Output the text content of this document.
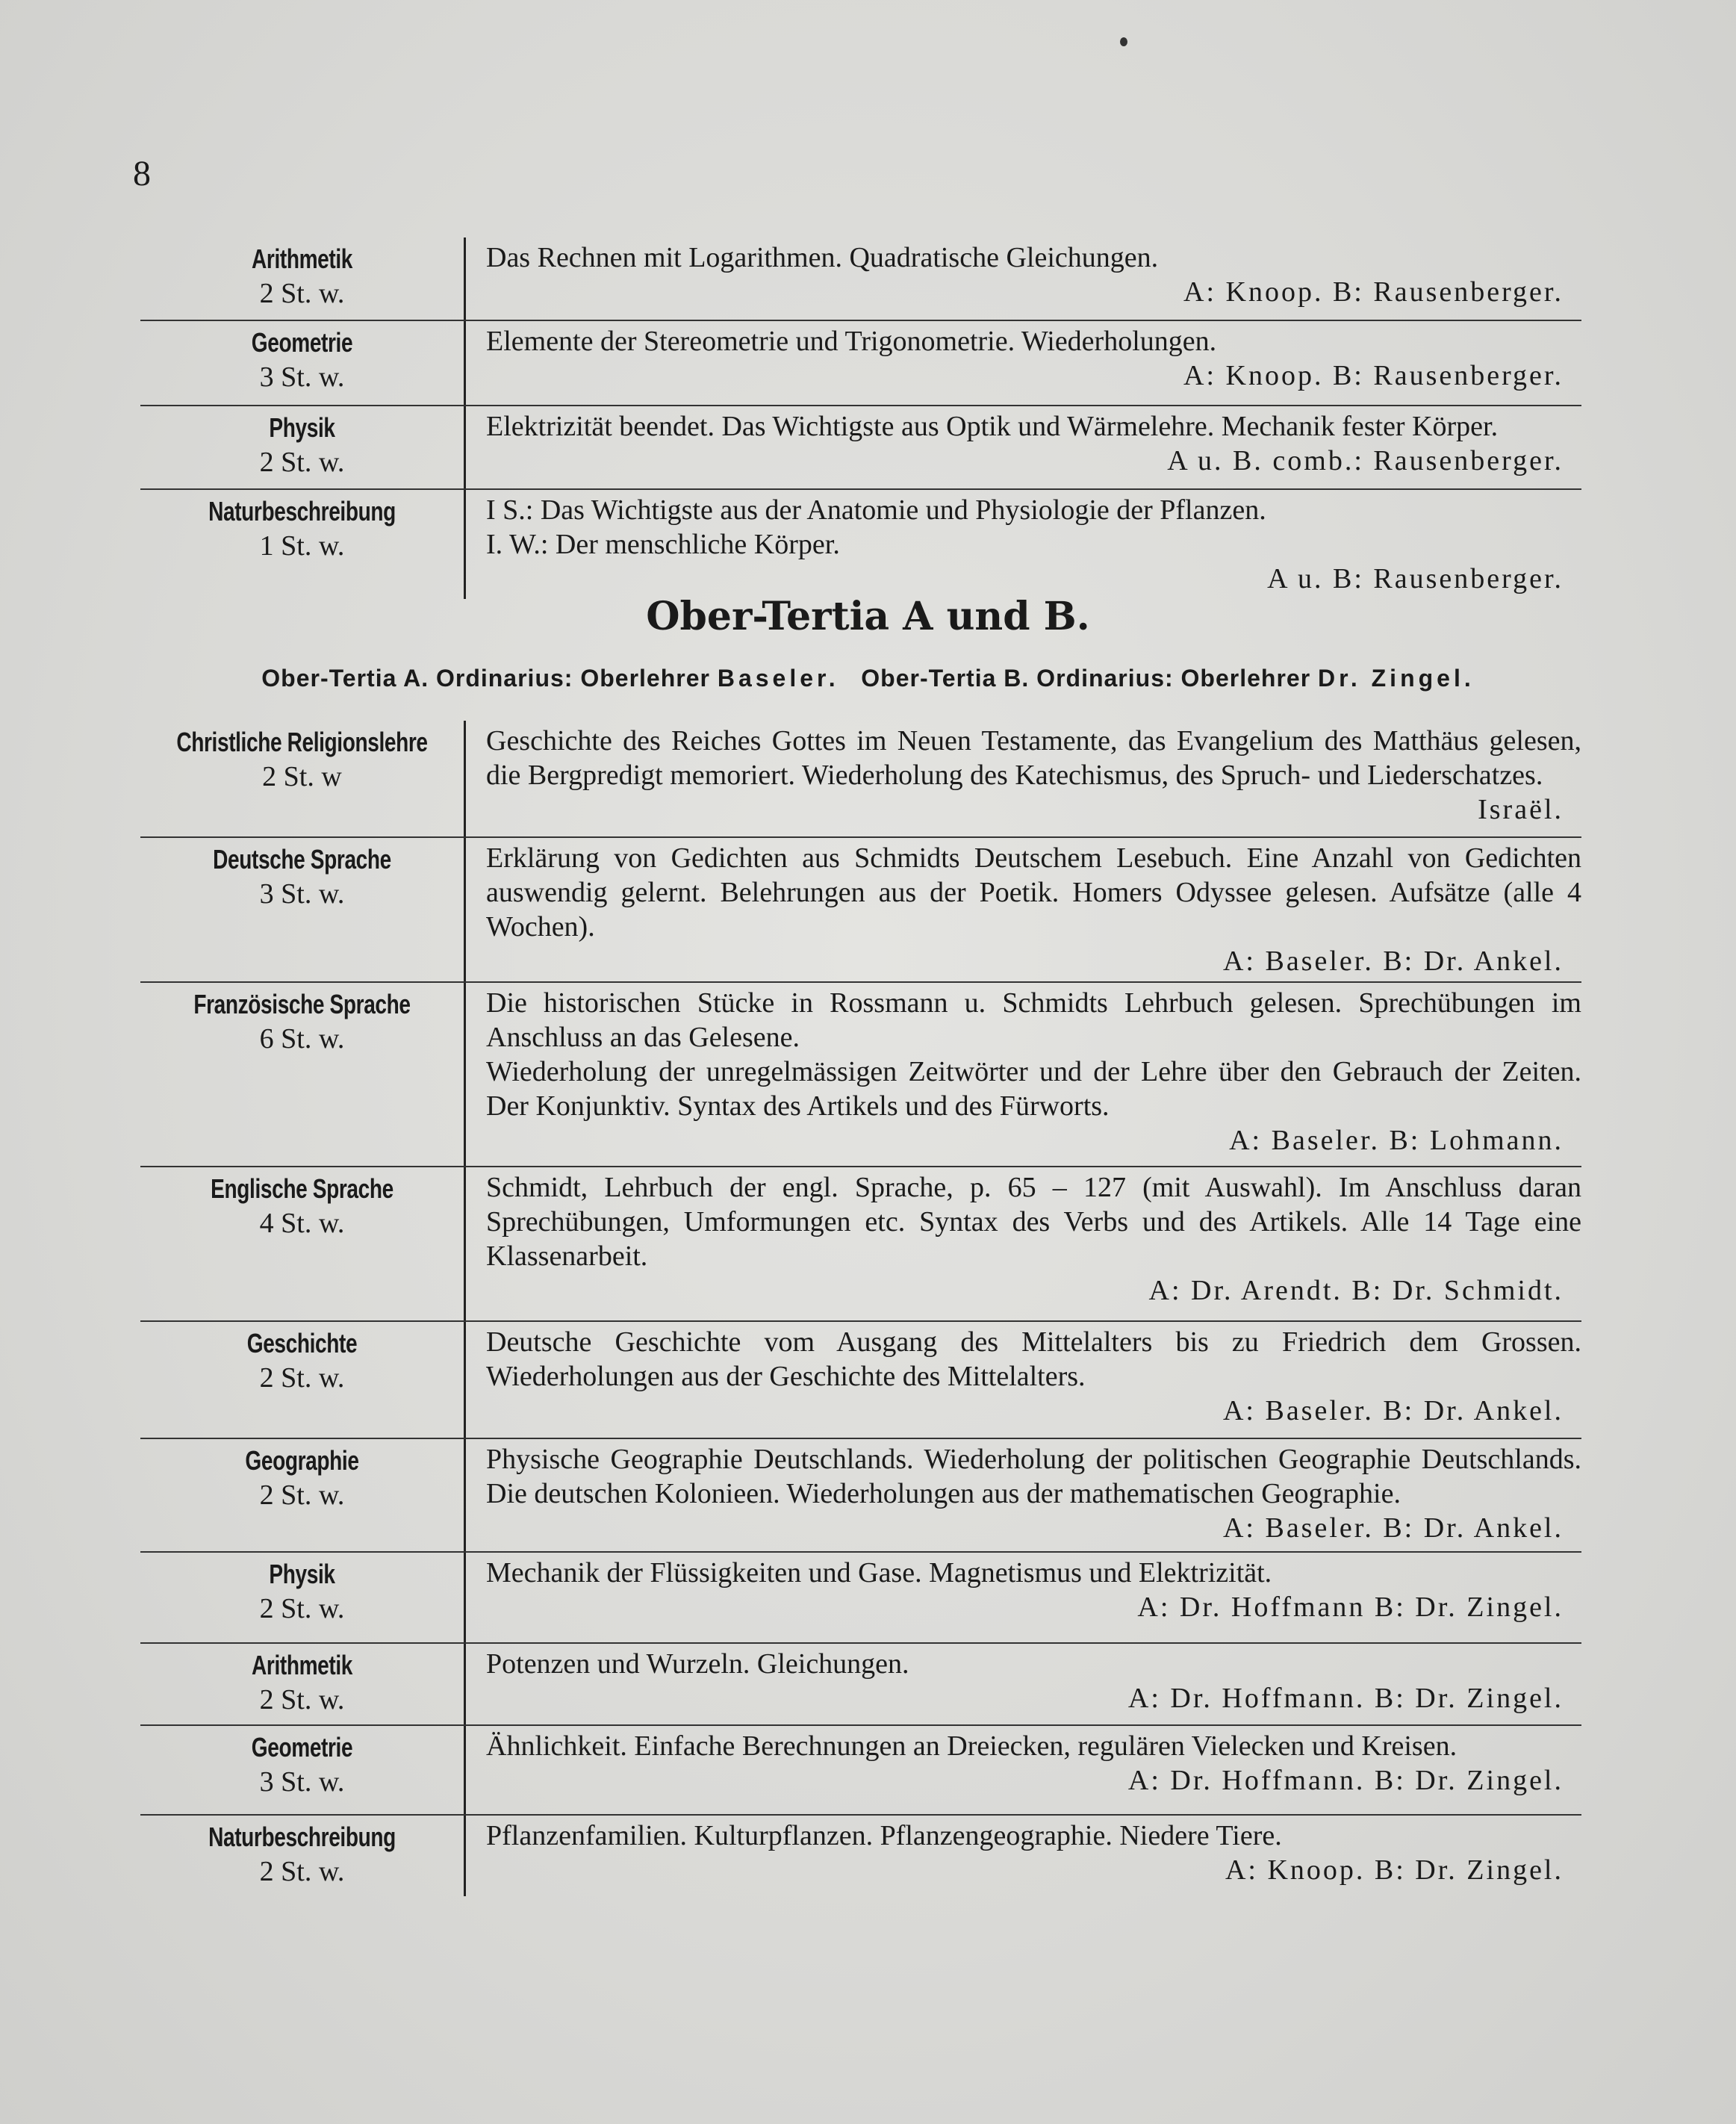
8
Arithmetik
2 St. w.

Das Rechnen mit Logarithmen. Quadratische Gleichungen.

A: Knoop. B: Rausenberger.

Geometrie
3 St. w.

Elemente der Stereometrie und Trigonometrie. Wiederholungen.

A: Knoop. B: Rausenberger.

Physik
2 St. w.

Elektrizität beendet. Das Wichtigste aus Optik und Wärmelehre. Mechanik fester Körper.

A u. B. comb.: Rausenberger.

Naturbeschreibung
1 St. w.

I S.: Das Wichtigste aus der Anatomie und Physiologie der Pflanzen.

I. W.: Der menschliche Körper.

A u. B: Rausenberger.

Ober-Tertia A und B.
Ober-Tertia A. Ordinarius: Oberlehrer Baseler. Ober-Tertia B. Ordinarius: Oberlehrer Dr. Zingel.
Christliche Religionslehre
2 St. w

Geschichte des Reiches Gottes im Neuen Testamente, das Evangelium des Matthäus gelesen, die Bergpredigt memoriert. Wiederholung des Katechismus, des Spruch- und Liederschatzes.

Israël.

Deutsche Sprache
3 St. w.

Erklärung von Gedichten aus Schmidts Deutschem Lesebuch. Eine Anzahl von Gedichten auswendig gelernt. Belehrungen aus der Poetik. Homers Odyssee gelesen. Aufsätze (alle 4 Wochen).

A: Baseler. B: Dr. Ankel.

Französische Sprache
6 St. w.

Die historischen Stücke in Rossmann u. Schmidts Lehrbuch gelesen. Sprechübungen im Anschluss an das Gelesene.

Wiederholung der unregelmässigen Zeitwörter und der Lehre über den Gebrauch der Zeiten. Der Konjunktiv. Syntax des Artikels und des Fürworts.

A: Baseler. B: Lohmann.

Englische Sprache
4 St. w.

Schmidt, Lehrbuch der engl. Sprache, p. 65 – 127 (mit Auswahl). Im Anschluss daran Sprechübungen, Umformungen etc. Syntax des Verbs und des Artikels. Alle 14 Tage eine Klassenarbeit.

A: Dr. Arendt. B: Dr. Schmidt.

Geschichte
2 St. w.

Deutsche Geschichte vom Ausgang des Mittelalters bis zu Friedrich dem Grossen. Wiederholungen aus der Geschichte des Mittelalters.

A: Baseler. B: Dr. Ankel.

Geographie
2 St. w.

Physische Geographie Deutschlands. Wiederholung der politischen Geographie Deutschlands. Die deutschen Kolonieen. Wiederholungen aus der mathematischen Geographie.

A: Baseler. B: Dr. Ankel.

Physik
2 St. w.

Mechanik der Flüssigkeiten und Gase. Magnetismus und Elektrizität.

A: Dr. Hoffmann B: Dr. Zingel.

Arithmetik
2 St. w.

Potenzen und Wurzeln. Gleichungen.

A: Dr. Hoffmann. B: Dr. Zingel.

Geometrie
3 St. w.

Ähnlichkeit. Einfache Berechnungen an Dreiecken, regulären Vielecken und Kreisen.

A: Dr. Hoffmann. B: Dr. Zingel.

Naturbeschreibung
2 St. w.

Pflanzenfamilien. Kulturpflanzen. Pflanzengeographie. Niedere Tiere.

A: Knoop. B: Dr. Zingel.
